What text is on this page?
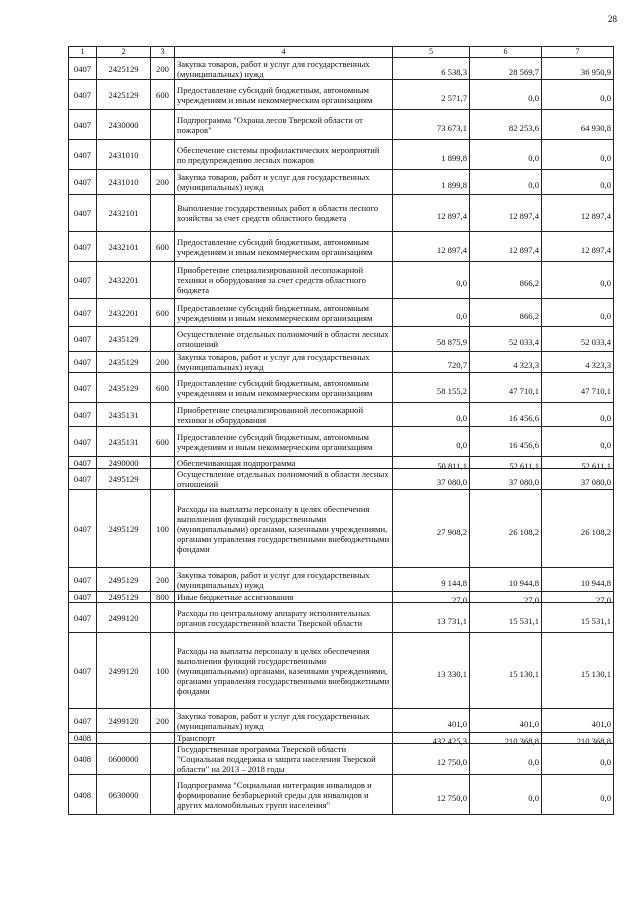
28
1	2	3	4	5	6	7
0407	2425129	200	Закупка товаров, работ и услуг для государственных (муниципальных) нужд	6 538,3	28 569,7	36 950,9

0407	2425129	600	Предоставление субсидий бюджетным, автономным учреждениям и иным некоммерческим организациям	2 571,7	0,0	0,0

0407	2430000		Подпрограмма "Охрана лесов Тверской области от пожаров"	73 673,1	82 253,6	64 930,8

0407	2431010		Обеспечение системы профилактических мероприятий по предупреждению лесных пожаров	1 899,8	0,0	0,0

0407	2431010	200	Закупка товаров, работ и услуг для государственных (муниципальных) нужд	1 899,8	0,0	0,0

0407	2432101		Выполнение государственных работ в области лесного хозяйства за счет средств областного бюджета	12 897,4	12 897,4	12 897,4

0407	2432101	600	Предоставление субсидий бюджетным, автономным учреждениям и иным некоммерческим организациям	12 897,4	12 897,4	12 897,4

0407	2432201		Приобретение специализированной лесопожарной техники и оборудования за счет средств областного бюджета	0,0	866,2	0,0

0407	2432201	600	Предоставление субсидий бюджетным, автономным учреждениям и иным некоммерческим организациям	0,0	866,2	0,0

0407	2435129		Осуществление отдельных полномочий в области лесных отношений	58 875,9	52 033,4	52 033,4

0407	2435129	200	Закупка товаров, работ и услуг для государственных (муниципальных) нужд	720,7	4 323,3	4 323,3

0407	2435129	600	Предоставление субсидий бюджетным, автономным учреждениям и иным некоммерческим организациям	58 155,2	47 710,1	47 710,1

0407	2435131		Приобретение специализированной лесопожарной техники и оборудования	0,0	16 456,6	0,0

0407	2435131	600	Предоставление субсидий бюджетным, автономным учреждениям и иным некоммерческим организациям	0,0	16 456,6	0,0

0407	2490000		Обеспечивающая подпрограмма	50 811,1	52 611,1	52 611,1

0407	2495129		Осуществление отдельных полномочий в области лесных отношений	37 080,0	37 080,0	37 080,0

0407	2495129	100	Расходы на выплаты персоналу в целях обеспечения выполнения функций государственными (муниципальными) органами, казенными учреждениями, органами управления государственными внебюджетными фондами	27 908,2	26 108,2	26 108,2

0407	2495129	200	Закупка товаров, работ и услуг для государственных (муниципальных) нужд	9 144,8	10 944,8	10 944,8

0407	2495129	800	Иные бюджетные ассигнования	27,0	27,0	27,0

0407	2499120		Расходы по центральному аппарату исполнительных органов государственной власти Тверской области	13 731,1	15 531,1	15 531,1

0407	2499120	100	Расходы на выплаты персоналу в целях обеспечения выполнения функций государственными (муниципальными) органами, казенными учреждениями, органами управления государственными внебюджетными фондами	13 330,1	15 130,1	15 130,1

0407	2499120	200	Закупка товаров, работ и услуг для государственных (муниципальных) нужд	401,0	401,0	401,0

0408			Транспорт	432 425,3	210 368,8	210 368,8

0408	0600000		Государственная программа Тверской области "Социальная поддержка и защита населения Тверской области" на 2013 – 2018 годы	12 750,0	0,0	0,0

0408	0630000		Подпрограмма "Социальная интеграция инвалидов и формирование безбарьерной среды для инвалидов и других маломобильных групп населения"	12 750,0	0,0	0,0
